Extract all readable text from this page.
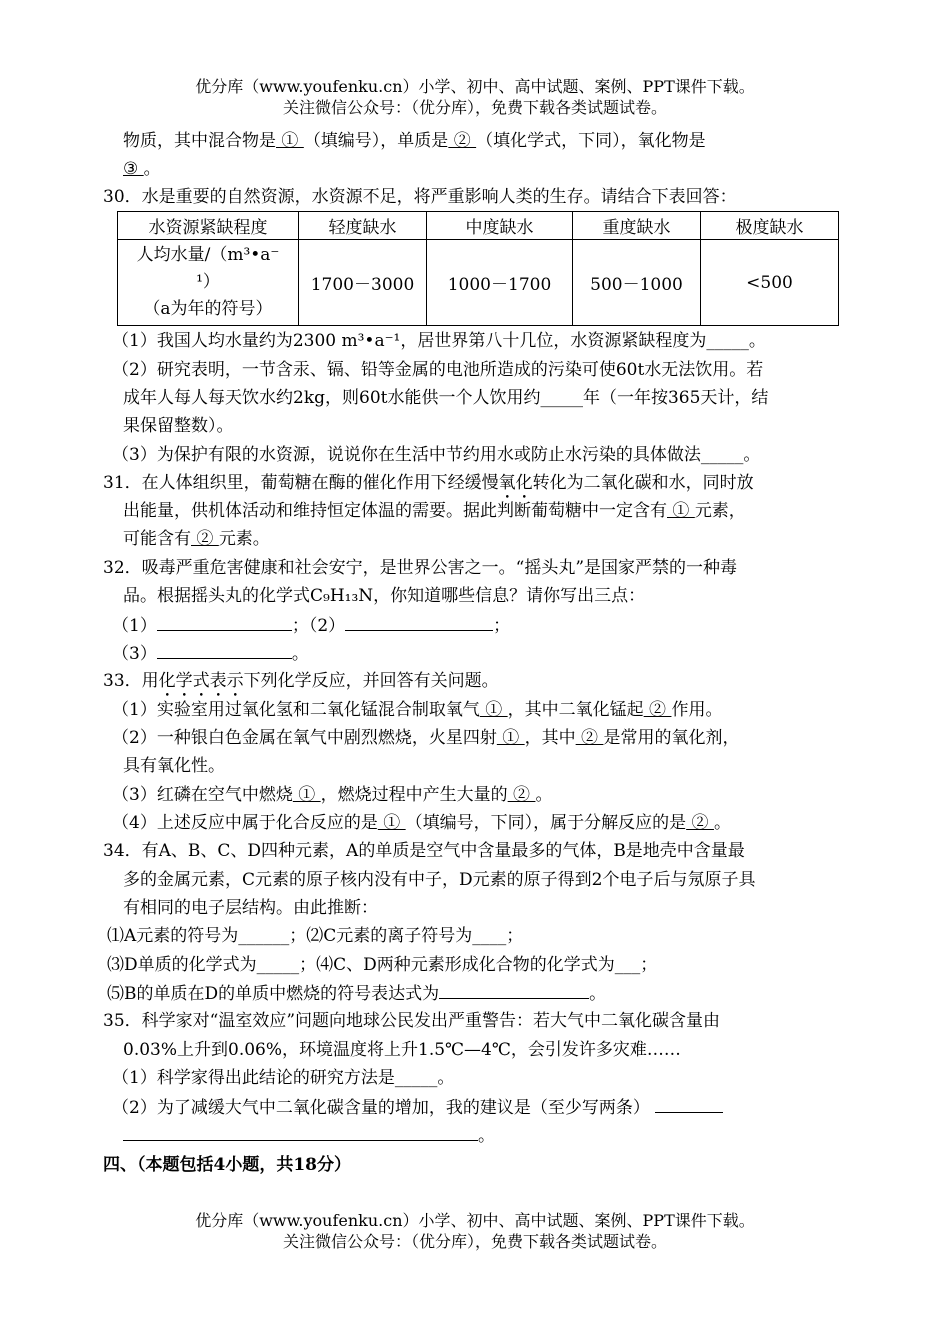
优分库（www.youfenku.cn）小学、初中、高中试题、案例、PPT课件下载。
关注微信公众号：（优分库），免费下载各类试题试卷。
物质，其中混合物是 ① （填编号），单质是 ② （填化学式，下同），氧化物是
③ 。
30．水是重要的自然资源，水资源不足，将严重影响人类的生存。请结合下表回答：
水资源紧缺程度	轻度缺水	中度缺水	重度缺水	极度缺水

人均水量/（m³•a⁻
¹）
（a为年的符号）	1700－3000	1000－1700	500－1000	<500
（1）我国人均水量约为2300 m³•a⁻¹，居世界第八十几位，水资源紧缺程度为_____。
（2）研究表明，一节含汞、镉、铅等金属的电池所造成的污染可使60t水无法饮用。若
成年人每人每天饮水约2kg，则60t水能供一个人饮用约_____年（一年按365天计，结
果保留整数）。
（3）为保护有限的水资源，说说你在生活中节约用水或防止水污染的具体做法_____。
31．在人体组织里，葡萄糖在酶的催化作用下经缓慢氧化转化为二氧化碳和水，同时放
出能量，供机体活动和维持恒定体温的需要。据此判断葡萄糖中一定含有 ① 元素，
可能含有 ② 元素。
32．吸毒严重危害健康和社会安宁，是世界公害之一。“摇头丸”是国家严禁的一种毒
品。根据摇头丸的化学式C₉H₁₃N，你知道哪些信息？请你写出三点：
（1）	；（2）	；
（3）	。
33．用化学式表示下列化学反应，并回答有关问题。
（1）实验室用过氧化氢和二氧化锰混合制取氧气 ① ，其中二氧化锰起 ② 作用。
（2）一种银白色金属在氧气中剧烈燃烧，火星四射 ① ，其中 ② 是常用的氧化剂，
具有氧化性。
（3）红磷在空气中燃烧 ① ，燃烧过程中产生大量的 ② 。
（4）上述反应中属于化合反应的是 ① （填编号，下同），属于分解反应的是 ② 。
34．有A、B、C、D四种元素，A的单质是空气中含量最多的气体，B是地壳中含量最
多的金属元素，C元素的原子核内没有中子，D元素的原子得到2个电子后与氖原子具
有相同的电子层结构。由此推断：
⑴A元素的符号为______；⑵C元素的离子符号为____；
⑶D单质的化学式为_____；⑷C、D两种元素形成化合物的化学式为___；
⑸B的单质在D的单质中燃烧的符号表达式为	。
35．科学家对“温室效应”问题向地球公民发出严重警告：若大气中二氧化碳含量由
0.03%上升到0.06%，环境温度将上升1.5℃—4℃，会引发许多灾难……
（1）科学家得出此结论的研究方法是_____。
（2）为了减缓大气中二氧化碳含量的增加，我的建议是（至少写两条）
。
四、（本题包括4小题，共18分）
优分库（www.youfenku.cn）小学、初中、高中试题、案例、PPT课件下载。
关注微信公众号：（优分库），免费下载各类试题试卷。
